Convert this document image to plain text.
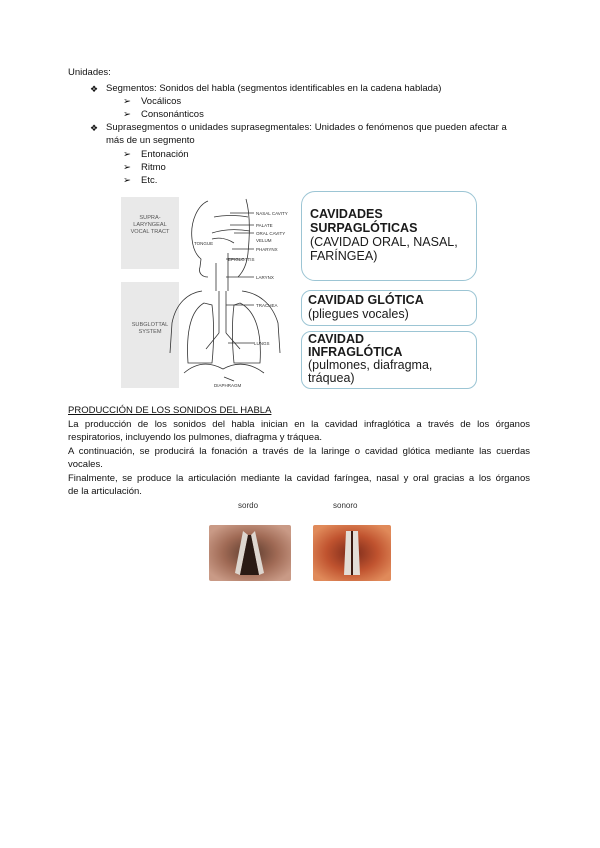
Unidades:
❖ Segmentos: Sonidos del habla (segmentos identificables en la cadena hablada)
➢ Vocálicos
➢ Consonánticos
❖ Suprasegmentos o unidades suprasegmentales: Unidades o fenómenos que pueden afectar a
más de un segmento
➢ Entonación
➢ Ritmo
➢ Etc.
SUPRA-
LARYNGEAL
VOCAL TRACT
SUBGLOTTAL
SYSTEM
NASAL CAVITY
PALATE
ORAL CAVITY
VELUM
TONGUE
PHARYNX
EPIGLOTTIS
LARYNX
TRACHEA
LUNGS
DIAPHRAGM
CAVIDADES
SURPAGLÓTICAS
(CAVIDAD ORAL, NASAL,
FARÍNGEA)
CAVIDAD GLÓTICA
(pliegues vocales)
CAVIDAD
INFRAGLÓTICA
(pulmones, diafragma,
tráquea)
PRODUCCIÓN DE LOS SONIDOS DEL HABLA
La producción de los sonidos del habla inician en la cavidad infraglótica a través de los órganos
respiratorios, incluyendo los pulmones, diafragma y tráquea.
A continuación, se producirá la fonación a través de la laringe o cavidad glótica mediante las cuerdas
vocales.
Finalmente, se produce la articulación mediante la cavidad faríngea, nasal y oral gracias a los órganos
de la articulación.
sordo	sonoro
